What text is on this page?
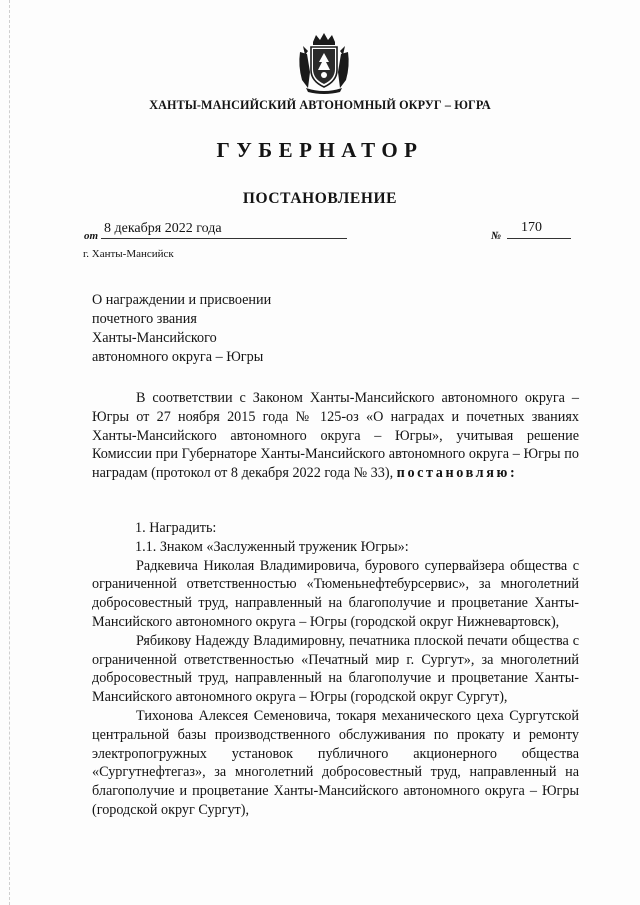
ХАНТЫ-МАНСИЙСКИЙ АВТОНОМНЫЙ ОКРУГ – ЮГРА
ГУБЕРНАТОР
ПОСТАНОВЛЕНИЕ
от 8 декабря 2022 года	№
170
г. Ханты-Мансийск
О награждении и присвоении
почетного звания
Ханты-Мансийского
автономного округа – Югры

В соответствии с Законом Ханты-Мансийского автономного округа – Югры от 27 ноября 2015 года № 125-оз «О наградах и почетных званиях Ханты-Мансийского автономного округа – Югры», учитывая решение Комиссии при Губернаторе Ханты-Мансийского автономного округа – Югры по наградам (протокол от 8 декабря 2022 года № 33), постановляю:

1. Наградить:

1.1. Знаком «Заслуженный труженик Югры»:

Радкевича Николая Владимировича, бурового супервайзера общества с ограниченной ответственностью «Тюменьнефтебурсервис», за многолетний добросовестный труд, направленный на благополучие и процветание Ханты-Мансийского автономного округа – Югры (городской округ Нижневартовск),

Рябикову Надежду Владимировну, печатника плоской печати общества с ограниченной ответственностью «Печатный мир г. Сургут», за многолетний добросовестный труд, направленный на благополучие и процветание Ханты-Мансийского автономного округа – Югры (городской округ Сургут),

Тихонова Алексея Семеновича, токаря механического цеха Сургутской центральной базы производственного обслуживания по прокату и ремонту электропогружных установок публичного акционерного общества «Сургутнефтегаз», за многолетний добросовестный труд, направленный на благополучие и процветание Ханты-Мансийского автономного округа – Югры (городской округ Сургут),
